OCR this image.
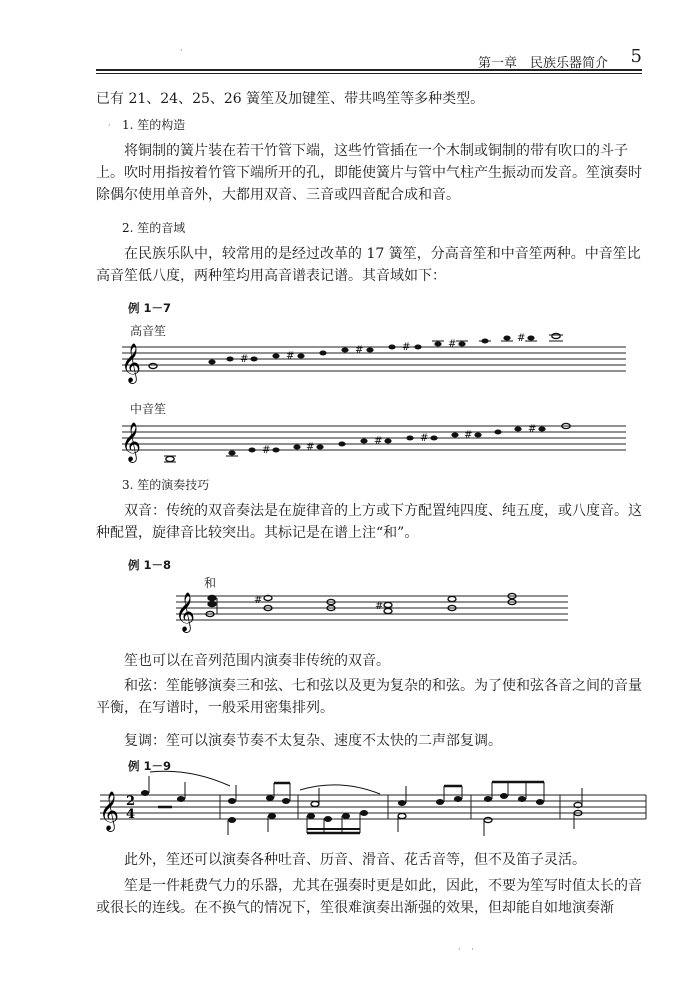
第一章　民族乐器简介 5
·
已有 21、24、25、26 簧笙及加键笙、带共鸣笙等多种类型。
· 1. 笙的构造
将铜制的簧片装在若干竹管下端，这些竹管插在一个木制或铜制的带有吹口的斗子上。吹时用指按着竹管下端所开的孔，即能使簧片与管中气柱产生振动而发音。笙演奏时除偶尔使用单音外，大都用双音、三音或四音配合成和音。
2. 笙的音域
在民族乐队中，较常用的是经过改革的 17 簧笙，分高音笙和中音笙两种。中音笙比高音笙低八度，两种笙均用高音谱表记谱。其音域如下：
例 1－7
高音笙
𝄞	#	#
#	#	#
#
中音笙
𝄞	#	#
#	#	#
#
3. 笙的演奏技巧
双音：传统的双音奏法是在旋律音的上方或下方配置纯四度、纯五度，或八度音。这种配置，旋律音比较突出。其标记是在谱上注“和”。
例 1－8
和
𝄞	#
#
笙也可以在音列范围内演奏非传统的双音。
和弦：笙能够演奏三和弦、七和弦以及更为复杂的和弦。为了使和弦各音之间的音量平衡，在写谱时，一般采用密集排列。
复调：笙可以演奏节奏不太复杂、速度不太快的二声部复调。
例 1－9
𝄞 2
4
此外，笙还可以演奏各种吐音、历音、滑音、花舌音等，但不及笛子灵活。
笙是一件耗费气力的乐器，尤其在强奏时更是如此，因此，不要为笙写时值太长的音或很长的连线。在不换气的情况下，笙很难演奏出渐强的效果，但却能自如地演奏渐
·　 ·
